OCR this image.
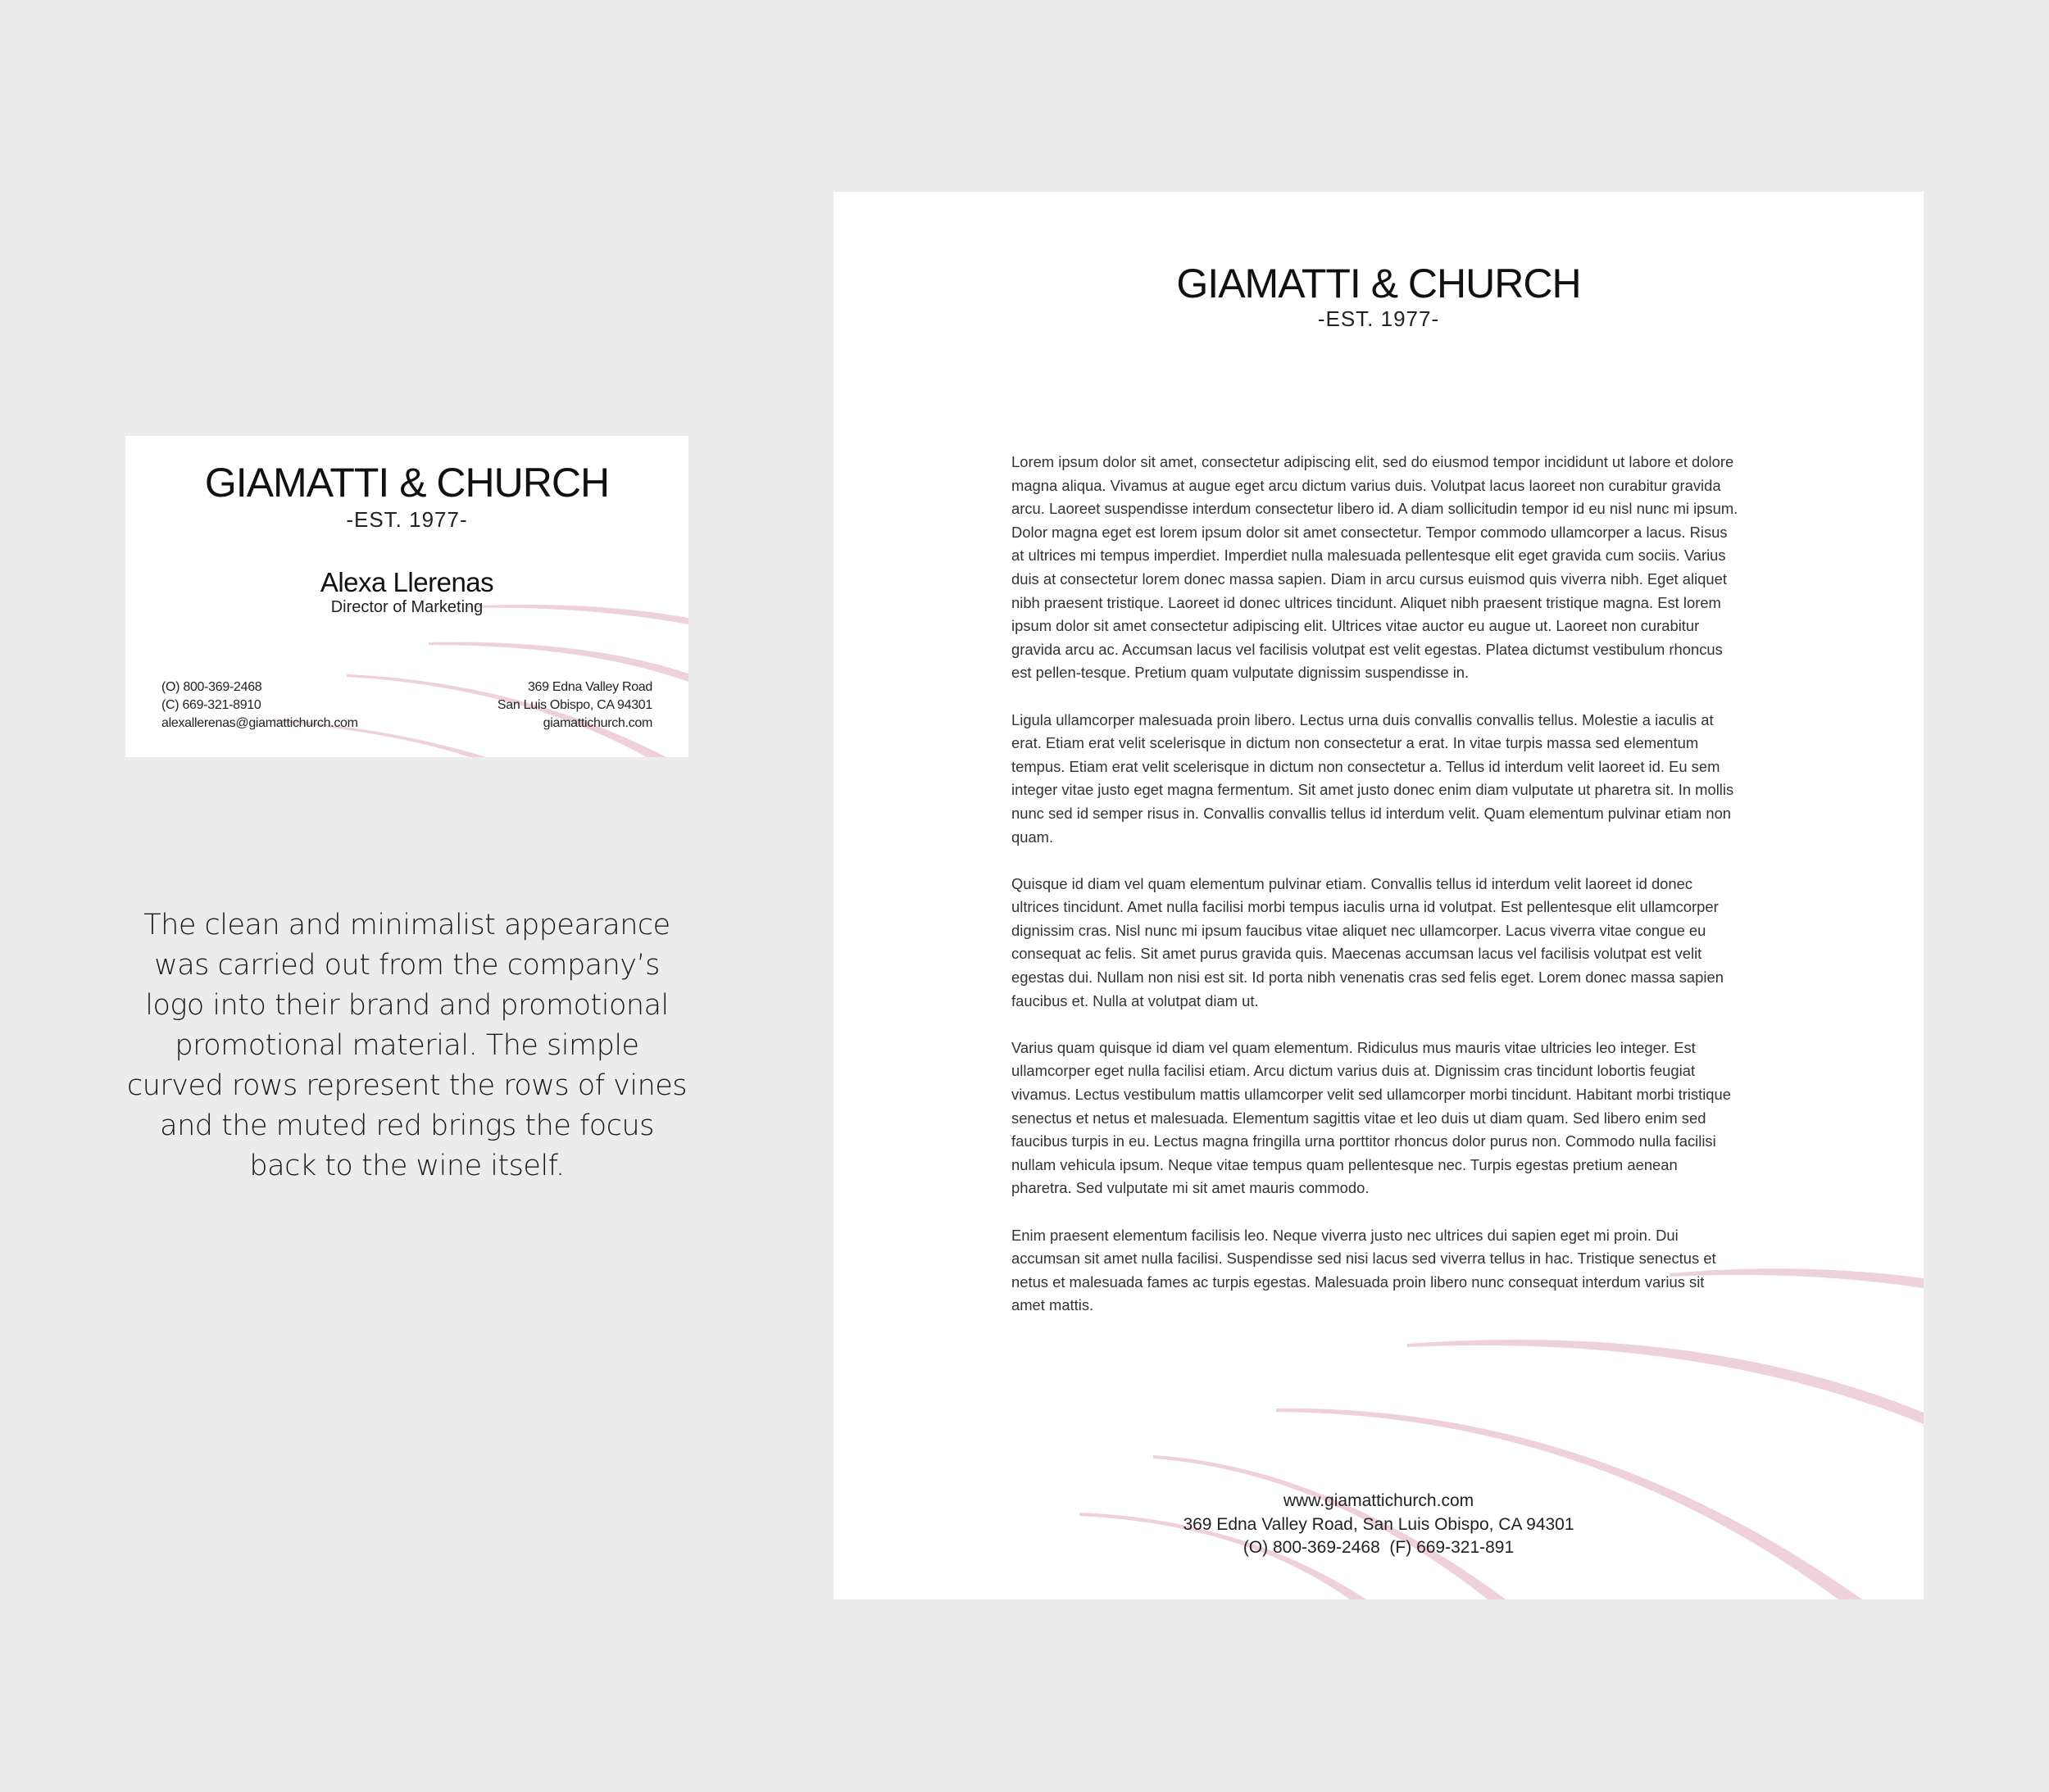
GIAMATTI & CHURCH
-EST. 1977-
Alexa Llerenas
Director of Marketing
(O) 800-369-2468
(C) 669-321-8910
alexallerenas@giamattichurch.com
369 Edna Valley Road
San Luis Obispo, CA 94301
giamattichurch.com
The clean and minimalist appearance was carried out from the company’s logo into their brand and promotional promotional material. The simple curved rows represent the rows of vines and the muted red brings the focus back to the wine itself.
GIAMATTI & CHURCH
-EST. 1977-

Lorem ipsum dolor sit amet, consectetur adipiscing elit, sed do eiusmod tempor incididunt ut labore et dolore magna aliqua. Vivamus at augue eget arcu dictum varius duis. Volutpat lacus laoreet non curabitur gravida arcu. Laoreet suspendisse interdum consectetur libero id. A diam sollicitudin tempor id eu nisl nunc mi ipsum. Dolor magna eget est lorem ipsum dolor sit amet consectetur. Tempor commodo ullamcorper a lacus. Risus at ultrices mi tempus imperdiet. Imperdiet nulla malesuada pellentesque elit eget gravida cum sociis. Varius duis at consectetur lorem donec massa sapien. Diam in arcu cursus euismod quis viverra nibh. Eget aliquet nibh praesent tristique. Laoreet id donec ultrices tincidunt. Aliquet nibh praesent tristique magna. Est lorem ipsum dolor sit amet consectetur adipiscing elit. Ultrices vitae auctor eu augue ut. Laoreet non curabitur gravida arcu ac. Accumsan lacus vel facilisis volutpat est velit egestas. Platea dictumst vestibulum rhoncus est pellen-tesque. Pretium quam vulputate dignissim suspendisse in.

Ligula ullamcorper malesuada proin libero. Lectus urna duis convallis convallis tellus. Molestie a iaculis at erat. Etiam erat velit scelerisque in dictum non consectetur a erat. In vitae turpis massa sed elementum tempus. Etiam erat velit scelerisque in dictum non consectetur a. Tellus id interdum velit laoreet id. Eu sem integer vitae justo eget magna fermentum. Sit amet justo donec enim diam vulputate ut pharetra sit. In mollis nunc sed id semper risus in. Convallis convallis tellus id interdum velit. Quam elementum pulvinar etiam non quam.

Quisque id diam vel quam elementum pulvinar etiam. Convallis tellus id interdum velit laoreet id donec ultrices tincidunt. Amet nulla facilisi morbi tempus iaculis urna id volutpat. Est pellentesque elit ullamcorper dignissim cras. Nisl nunc mi ipsum faucibus vitae aliquet nec ullamcorper. Lacus viverra vitae congue eu consequat ac felis. Sit amet purus gravida quis. Maecenas accumsan lacus vel facilisis volutpat est velit egestas dui. Nullam non nisi est sit. Id porta nibh venenatis cras sed felis eget. Lorem donec massa sapien faucibus et. Nulla at volutpat diam ut.

Varius quam quisque id diam vel quam elementum. Ridiculus mus mauris vitae ultricies leo integer. Est ullamcorper eget nulla facilisi etiam. Arcu dictum varius duis at. Dignissim cras tincidunt lobortis feugiat vivamus. Lectus vestibulum mattis ullamcorper velit sed ullamcorper morbi tincidunt. Habitant morbi tristique senectus et netus et malesuada. Elementum sagittis vitae et leo duis ut diam quam. Sed libero enim sed faucibus turpis in eu. Lectus magna fringilla urna porttitor rhoncus dolor purus non. Commodo nulla facilisi nullam vehicula ipsum. Neque vitae tempus quam pellentesque nec. Turpis egestas pretium aenean pharetra. Sed vulputate mi sit amet mauris commodo.

Enim praesent elementum facilisis leo. Neque viverra justo nec ultrices dui sapien eget mi proin. Dui accumsan sit amet nulla facilisi. Suspendisse sed nisi lacus sed viverra tellus in hac. Tristique senectus et netus et malesuada fames ac turpis egestas. Malesuada proin libero nunc consequat interdum varius sit amet mattis.

www.giamattichurch.com
369 Edna Valley Road, San Luis Obispo, CA 94301
(O) 800-369-2468  (F) 669-321-891
